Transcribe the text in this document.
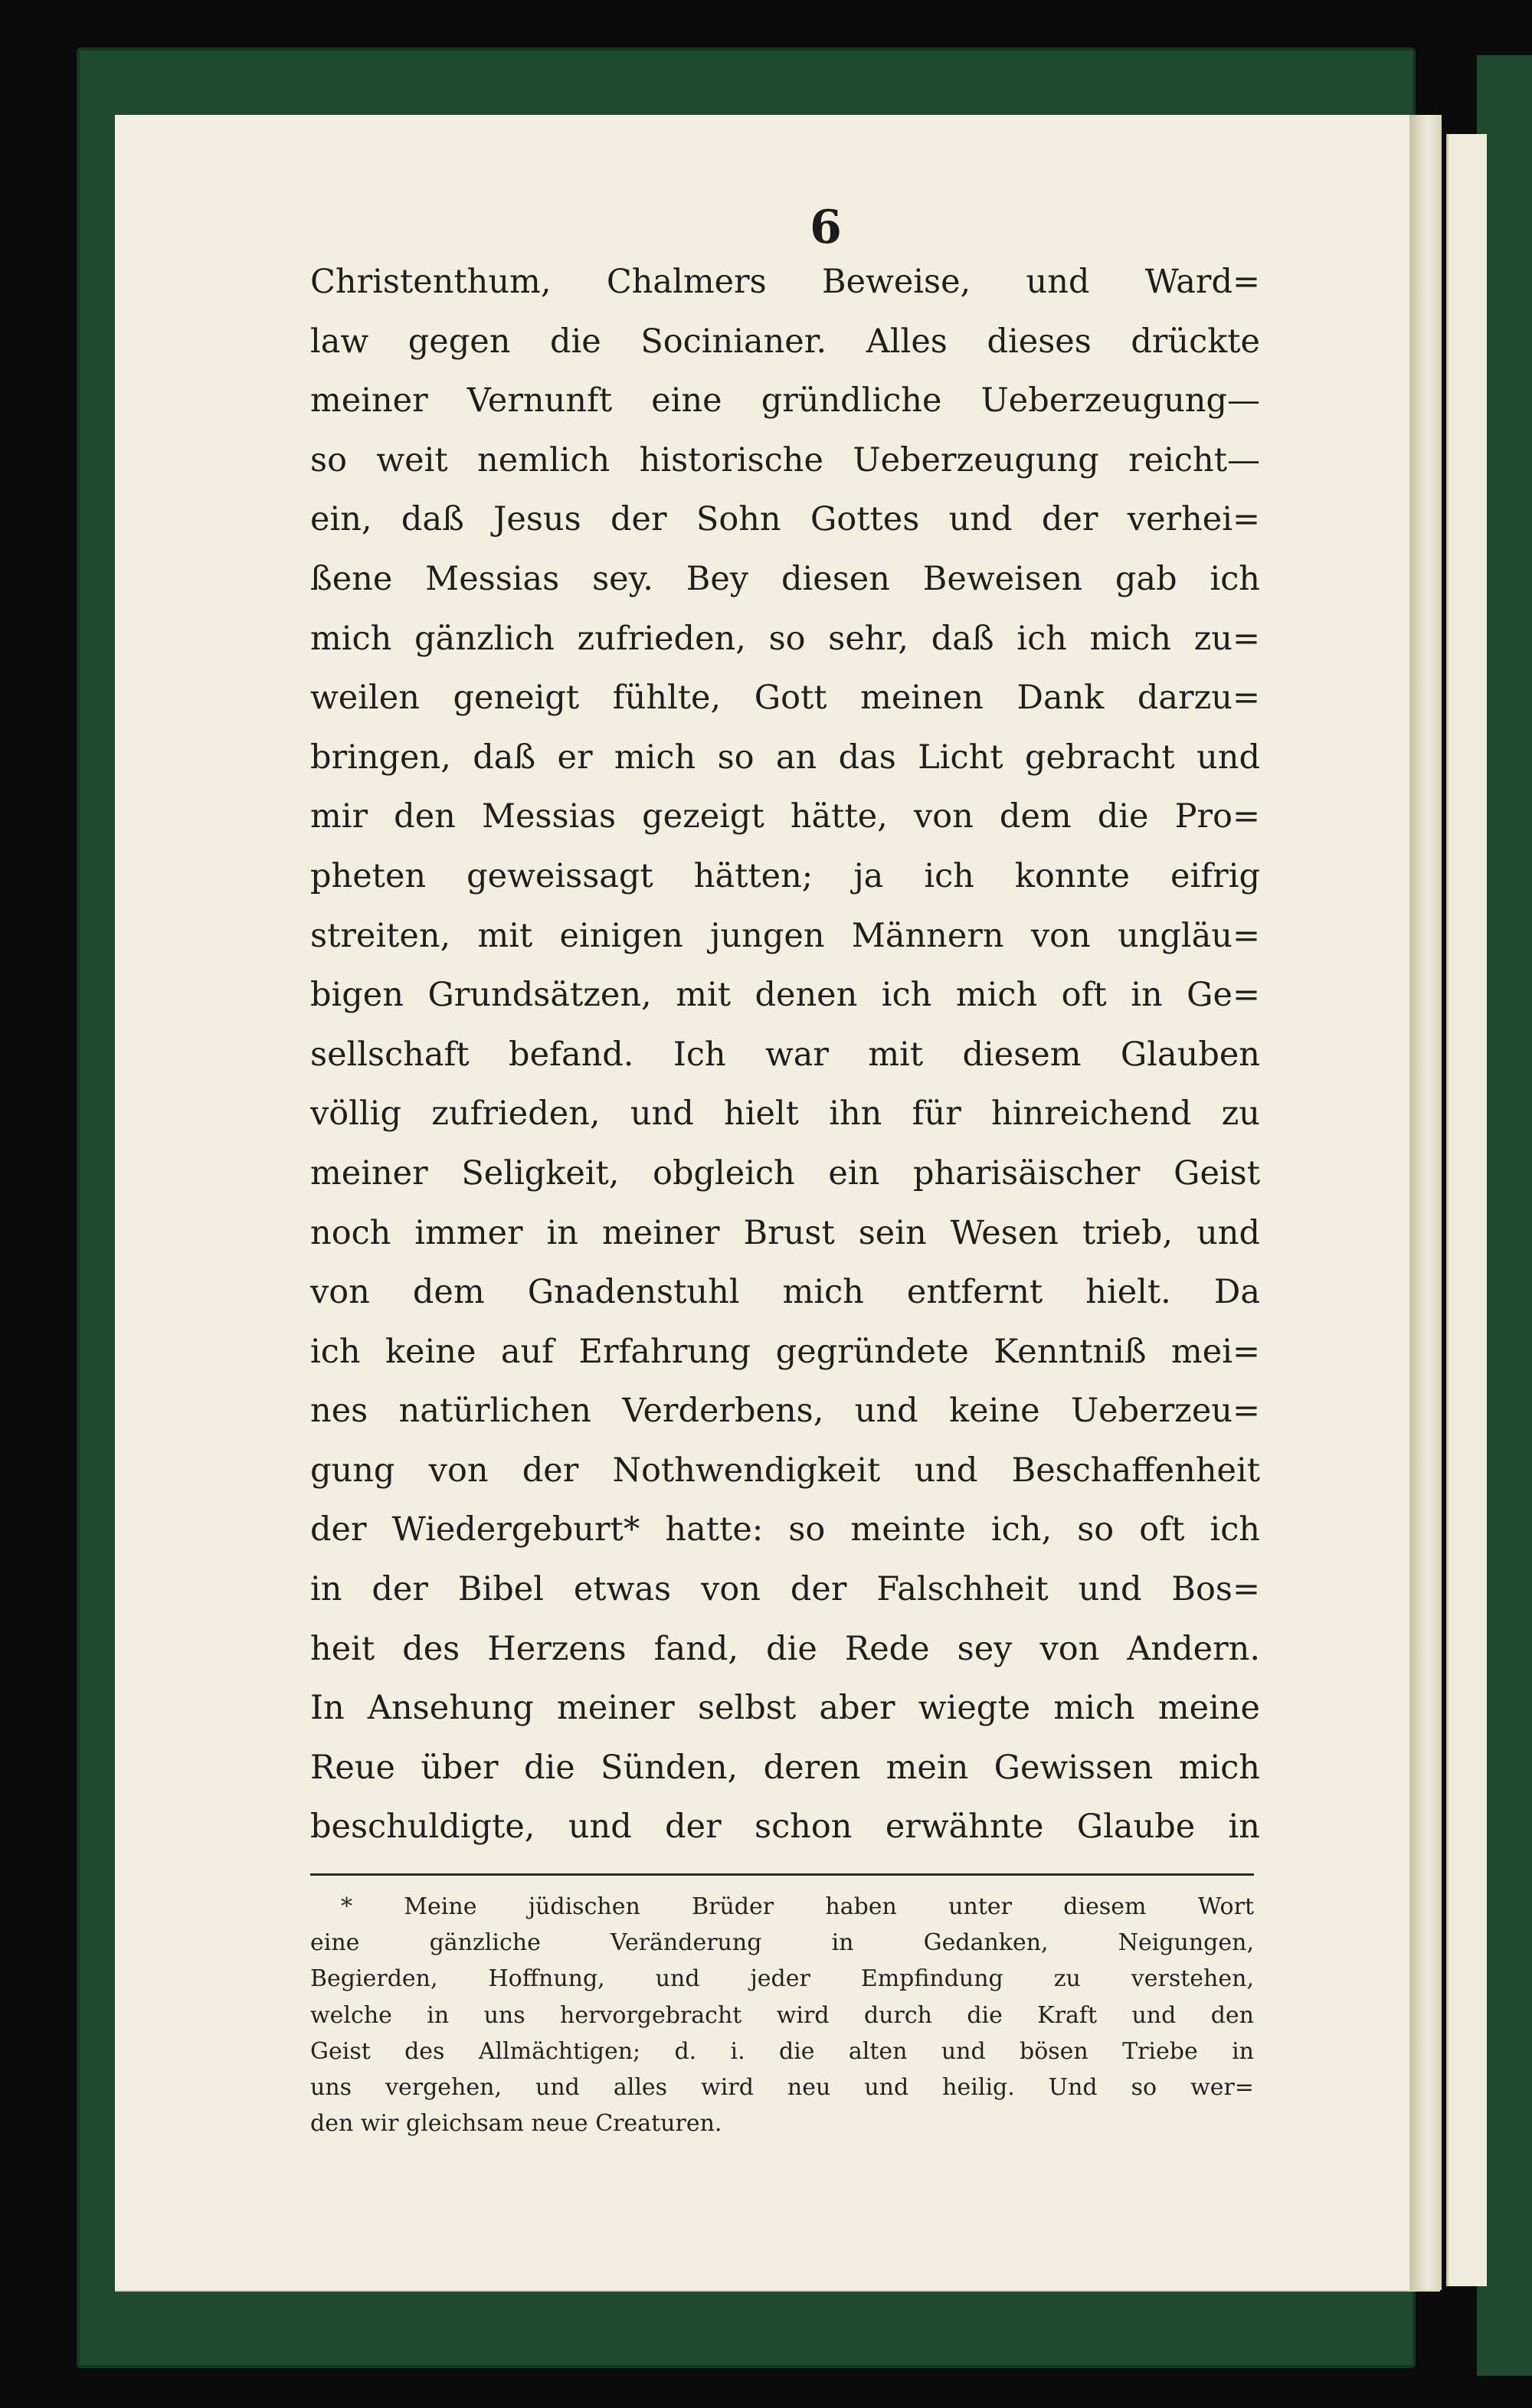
6
Christenthum, Chalmers Beweise, und Ward=
law gegen die Socinianer. Alles dieses drückte
meiner Vernunft eine gründliche Ueberzeugung—
so weit nemlich historische Ueberzeugung reicht—
ein, daß Jesus der Sohn Gottes und der verhei=
ßene Messias sey. Bey diesen Beweisen gab ich
mich gänzlich zufrieden, so sehr, daß ich mich zu=
weilen geneigt fühlte, Gott meinen Dank darzu=
bringen, daß er mich so an das Licht gebracht und
mir den Messias gezeigt hätte, von dem die Pro=
pheten geweissagt hätten; ja ich konnte eifrig
streiten, mit einigen jungen Männern von ungläu=
bigen Grundsätzen, mit denen ich mich oft in Ge=
sellschaft befand. Ich war mit diesem Glauben
völlig zufrieden, und hielt ihn für hinreichend zu
meiner Seligkeit, obgleich ein pharisäischer Geist
noch immer in meiner Brust sein Wesen trieb, und
von dem Gnadenstuhl mich entfernt hielt. Da
ich keine auf Erfahrung gegründete Kenntniß mei=
nes natürlichen Verderbens, und keine Ueberzeu=
gung von der Nothwendigkeit und Beschaffenheit
der Wiedergeburt* hatte: so meinte ich, so oft ich
in der Bibel etwas von der Falschheit und Bos=
heit des Herzens fand, die Rede sey von Andern.
In Ansehung meiner selbst aber wiegte mich meine
Reue über die Sünden, deren mein Gewissen mich
beschuldigte, und der schon erwähnte Glaube in
* Meine jüdischen Brüder haben unter diesem Wort
eine gänzliche Veränderung in Gedanken, Neigungen,
Begierden, Hoffnung, und jeder Empfindung zu verstehen,
welche in uns hervorgebracht wird durch die Kraft und den
Geist des Allmächtigen; d. i. die alten und bösen Triebe in
uns vergehen, und alles wird neu und heilig. Und so wer=
den wir gleichsam neue Creaturen.
